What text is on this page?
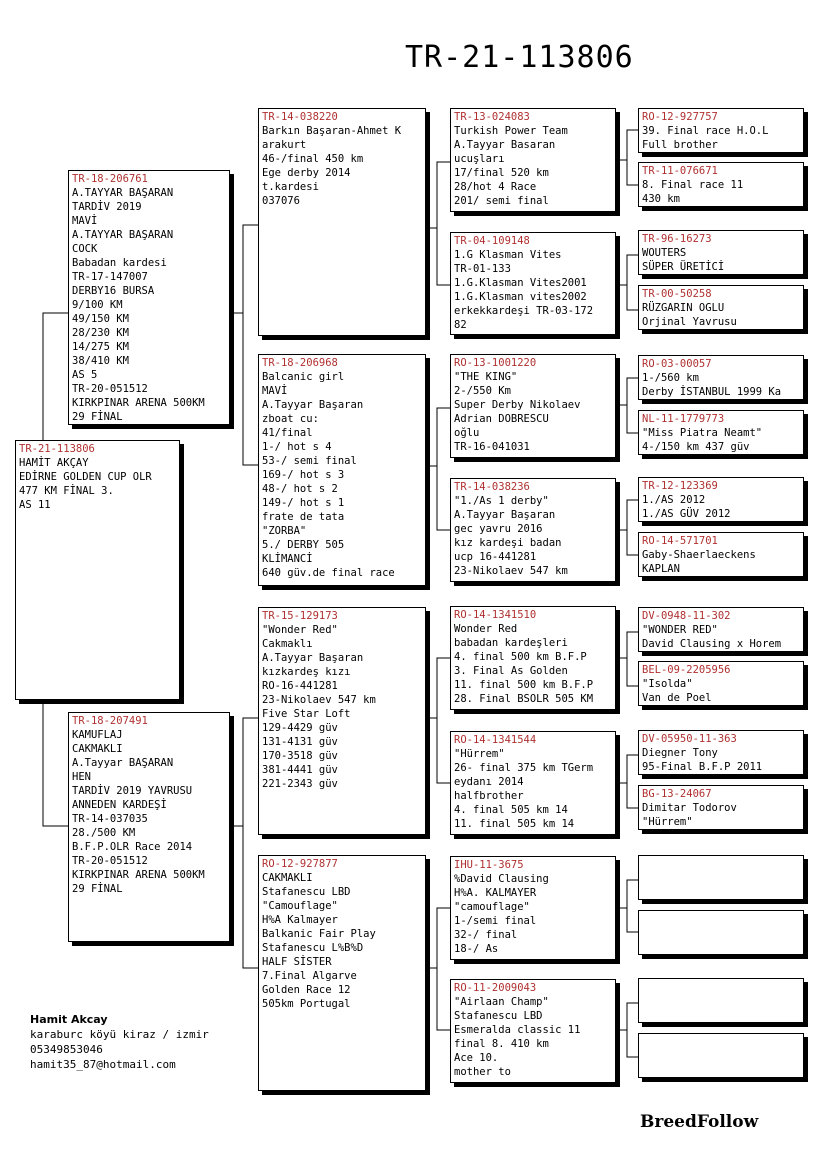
TR-21-113806
TR-21-113806
HAMİT AKÇAY
EDİRNE GOLDEN CUP OLR
477 KM FİNAL 3.
AS 11
TR-18-206761
A.TAYYAR BAŞARAN
TARDİV 2019
MAVİ
A.TAYYAR BAŞARAN
COCK
Babadan kardesi
TR-17-147007
DERBY16 BURSA
9/100 KM
49/150 KM
28/230 KM
14/275 KM
38/410 KM
AS 5
TR-20-051512
KIRKPINAR ARENA 500KM
29 FİNAL
TR-18-207491
KAMUFLAJ
CAKMAKLI
A.Tayyar BAŞARAN
HEN
TARDİV 2019 YAVRUSU
ANNEDEN KARDEŞİ
TR-14-037035
28./500 KM
B.F.P.OLR Race 2014
TR-20-051512
KIRKPINAR ARENA 500KM
29 FİNAL
TR-14-038220
Barkın Başaran-Ahmet K
arakurt
46-/final 450 km
Ege derby 2014
t.kardesi
037076
TR-18-206968
Balcanic girl
MAVİ
A.Tayyar Başaran
zboat cu:
41/final
1-/ hot s 4
53-/ semi final
169-/ hot s 3
48-/ hot s 2
149-/ hot s 1
frate de tata
"ZORBA"
5./ DERBY 505
KLİMANCİ
640 güv.de final race
TR-15-129173
"Wonder Red"
Cakmaklı
A.Tayyar Başaran
kızkardeş kızı
RO-16-441281
23-Nikolaev 547 km
Five Star Loft
129-4429 güv
131-4131 güv
170-3518 güv
381-4441 güv
221-2343 güv
RO-12-927877
CAKMAKLI
Stafanescu LBD
"Camouflage"
H%A Kalmayer
Balkanic Fair Play
Stafanescu L%B%D
HALF SİSTER
7.Final Algarve
Golden Race 12
505km Portugal
TR-13-024083
Turkish Power Team
A.Tayyar Basaran
ucuşları
17/final 520 km
28/hot 4 Race
201/ semi final
TR-04-109148
1.G Klasman Vites
TR-01-133
1.G.Klasman Vites2001
1.G.Klasman vites2002
erkekkardeşi TR-03-172
82
RO-13-1001220
"THE KING"
2-/550 Km
Super Derby Nikolaev
Adrian DOBRESCU
oğlu
TR-16-041031
TR-14-038236
"1./As 1 derby"
A.Tayyar Başaran
gec yavru 2016
kız kardeşi badan
ucp 16-441281
23-Nikolaev 547 km
RO-14-1341510
Wonder Red
babadan kardeşleri
4. final 500 km B.F.P
3. Final As Golden
11. final 500 km B.F.P
28. Final BSOLR 505 KM
RO-14-1341544
"Hürrem"
26- final 375 km TGerm
eydanı 2014
halfbrother
4. final 505 km 14
11. final 505 km 14
IHU-11-3675
%David Clausing
H%A. KALMAYER
"camouflage"
1-/semi final
32-/ final
18-/ As
RO-11-2009043
"Airlaan Champ"
Stafanescu LBD
Esmeralda classic 11
final 8. 410 km
Ace 10.
mother to
RO-12-927757
39. Final race H.O.L
Full brother
TR-11-076671
8. Final race 11
430 km
TR-96-16273
WOUTERS
SÜPER ÜRETİCİ
TR-00-50258
RÜZGARIN OGLU
Orjinal Yavrusu
RO-03-00057
1-/560 km
Derby İSTANBUL 1999 Ka
NL-11-1779773
"Miss Piatra Neamt"
4-/150 km 437 güv
TR-12-123369
1./AS 2012
1./AS GÜV 2012
RO-14-571701
Gaby-Shaerlaeckens
KAPLAN
DV-0948-11-302
"WONDER RED"
David Clausing x Horem
BEL-09-2205956
"Isolda"
Van de Poel
DV-05950-11-363
Diegner Tony
95-Final B.F.P 2011
BG-13-24067
Dimitar Todorov
"Hürrem"
Hamit Akcay
karaburc köyü kiraz / izmir
05349853046
hamit35_87@hotmail.com
BreedFollow
